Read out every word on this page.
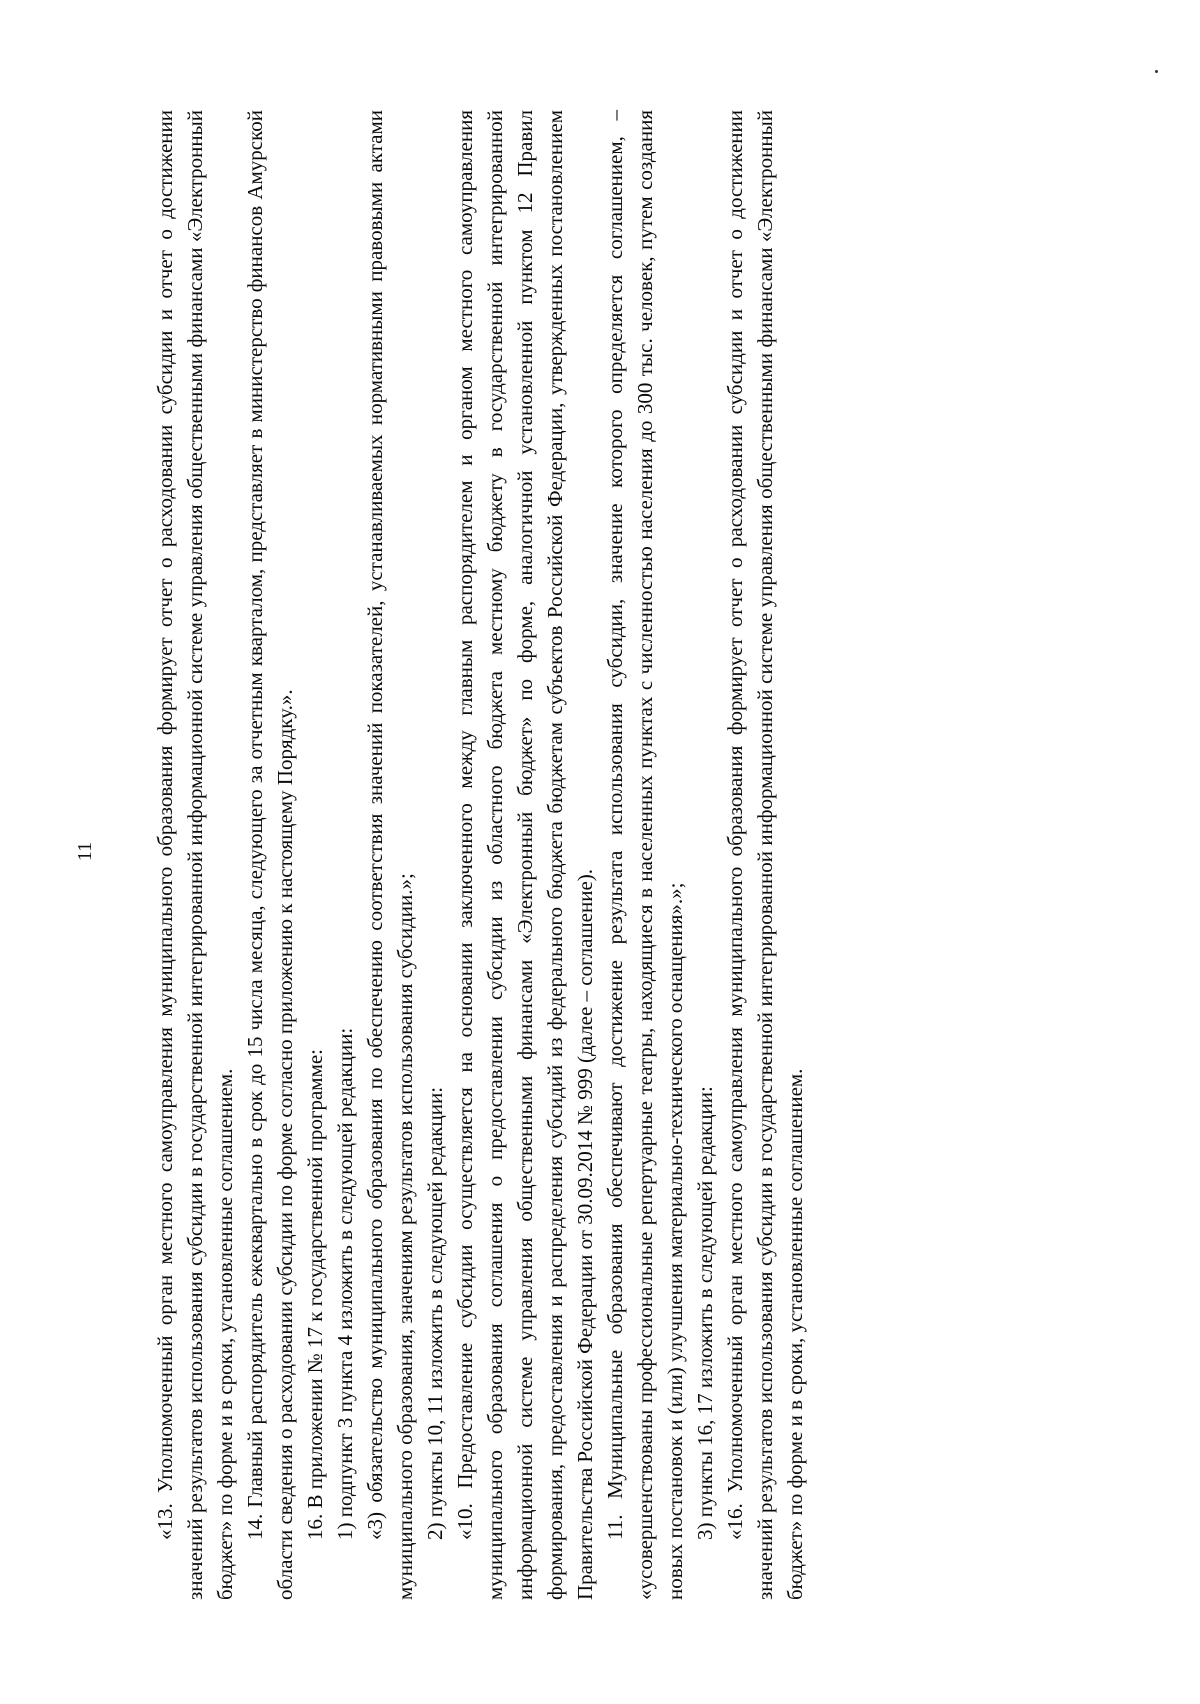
11	«13. Уполномоченный орган местного самоуправления муниципального образования формирует отчет о расходовании субсидии и отчет о достижении значений результатов использования субсидии в государственной интегрированной информационной системе управления общественными финансами «Электронный бюджет» по форме и в сроки, установленные соглашением. 14. Главный распорядитель ежеквартально в срок до 15 числа месяца, следующего за отчетным кварталом, представляет в министерство финансов Амурской области сведения о расходовании субсидии по форме согласно приложению к настоящему Порядку.». 16. В приложении № 17 к государственной программе: 1) подпункт 3 пункта 4 изложить в следующей редакции: «3) обязательство муниципального образования по обеспечению соответствия значений показателей, устанавливаемых нормативными правовыми актами муниципального образования, значениям результатов использования субсидии.»; 2) пункты 10, 11 изложить в следующей редакции: «10. Предоставление субсидии осуществляется на основании заключенного между главным распорядителем и органом местного самоуправления муниципального образования соглашения о предоставлении субсидии из областного бюджета местному бюджету в государственной интегрированной информационной системе управления общественными финансами «Электронный бюджет» по форме, аналогичной установленной пунктом 12 Правил формирования, предоставления и распределения субсидий из федерального бюджета бюджетам субъектов Российской Федерации, утвержденных постановлением Правительства Российской Федерации от 30.09.2014 № 999 (далее – соглашение). 11. Муниципальные образования обеспечивают достижение результата использования субсидии, значение которого определяется соглашением, – «усовершенствованы профессиональные репертуарные театры, находящиеся в населенных пунктах с численностью населения до 300 тыс. человек, путем создания новых постановок и (или) улучшения материально-технического оснащения».»; 3) пункты 16, 17 изложить в следующей редакции: «16. Уполномоченный орган местного самоуправления муниципального образования формирует отчет о расходовании субсидии и отчет о достижении значений результатов использования субсидии в государственной интегрированной информационной системе управления общественными финансами «Электронный бюджет» по форме и в сроки, установленные соглашением.
